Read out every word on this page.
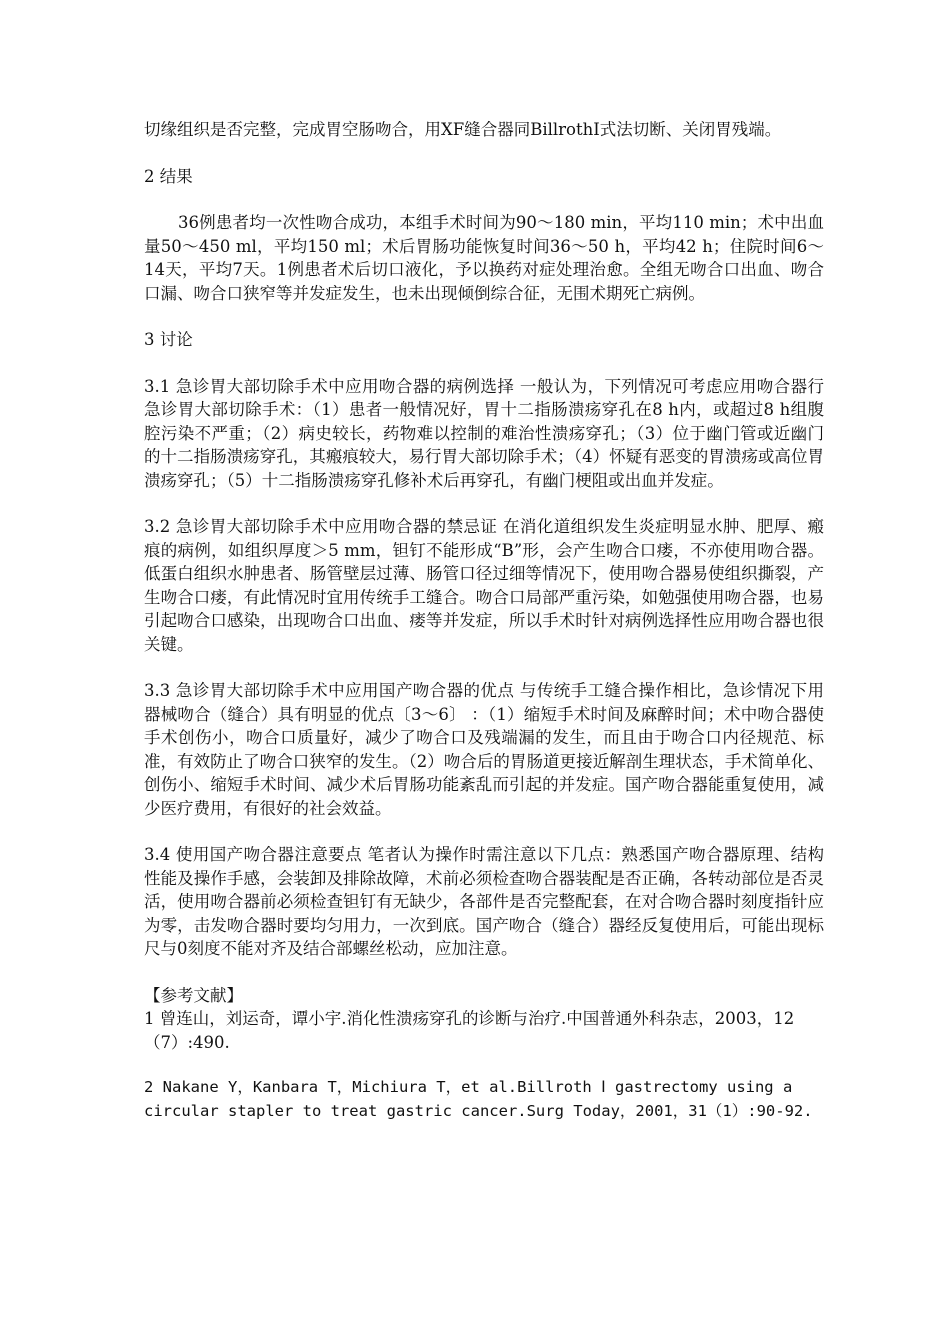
切缘组织是否完整，完成胃空肠吻合，用XF缝合器同BillrothⅠ式法切断、关闭胃残端。

2 结果

36例患者均一次性吻合成功，本组手术时间为90～180 min，平均110 min；术中出血量50～450 ml，平均150 ml；术后胃肠功能恢复时间36～50 h，平均42 h；住院时间6～14天，平均7天。1例患者术后切口液化，予以换药对症处理治愈。全组无吻合口出血、吻合口漏、吻合口狭窄等并发症发生，也未出现倾倒综合征，无围术期死亡病例。

3 讨论

3.1 急诊胃大部切除手术中应用吻合器的病例选择 一般认为，下列情况可考虑应用吻合器行急诊胃大部切除手术：（1）患者一般情况好，胃十二指肠溃疡穿孔在8 h内，或超过8 h组腹腔污染不严重；（2）病史较长，药物难以控制的难治性溃疡穿孔；（3）位于幽门管或近幽门的十二指肠溃疡穿孔，其瘢痕较大，易行胃大部切除手术；（4）怀疑有恶变的胃溃疡或高位胃溃疡穿孔；（5）十二指肠溃疡穿孔修补术后再穿孔，有幽门梗阻或出血并发症。

3.2 急诊胃大部切除手术中应用吻合器的禁忌证 在消化道组织发生炎症明显水肿、肥厚、瘢痕的病例，如组织厚度＞5 mm，钽钉不能形成“B”形，会产生吻合口瘘，不亦使用吻合器。低蛋白组织水肿患者、肠管壁层过薄、肠管口径过细等情况下，使用吻合器易使组织撕裂，产生吻合口瘘，有此情况时宜用传统手工缝合。吻合口局部严重污染，如勉强使用吻合器，也易引起吻合口感染，出现吻合口出血、瘘等并发症，所以手术时针对病例选择性应用吻合器也很关键。

3.3 急诊胃大部切除手术中应用国产吻合器的优点 与传统手工缝合操作相比，急诊情况下用器械吻合（缝合）具有明显的优点〔3～6〕 ：（1）缩短手术时间及麻醉时间；术中吻合器使手术创伤小，吻合口质量好，减少了吻合口及残端漏的发生，而且由于吻合口内径规范、标准，有效防止了吻合口狭窄的发生。（2）吻合后的胃肠道更接近解剖生理状态，手术简单化、创伤小、缩短手术时间、减少术后胃肠功能紊乱而引起的并发症。国产吻合器能重复使用，减少医疗费用，有很好的社会效益。

3.4 使用国产吻合器注意要点 笔者认为操作时需注意以下几点：熟悉国产吻合器原理、结构性能及操作手感，会装卸及排除故障，术前必须检查吻合器装配是否正确，各转动部位是否灵活，使用吻合器前必须检查钽钉有无缺少，各部件是否完整配套，在对合吻合器时刻度指针应为零，击发吻合器时要均匀用力，一次到底。国产吻合（缝合）器经反复使用后，可能出现标尺与0刻度不能对齐及结合部螺丝松动，应加注意。

【参考文献】

1 曾连山，刘运奇，谭小宇.消化性溃疡穿孔的诊断与治疗.中国普通外科杂志，2003，12（7）:490.

2 Nakane Y，Kanbara T，Michiura T，et al.Billroth Ⅰ gastrectomy using a circular stapler to treat gastric cancer.Surg Today，2001，31（1）:90-92.
